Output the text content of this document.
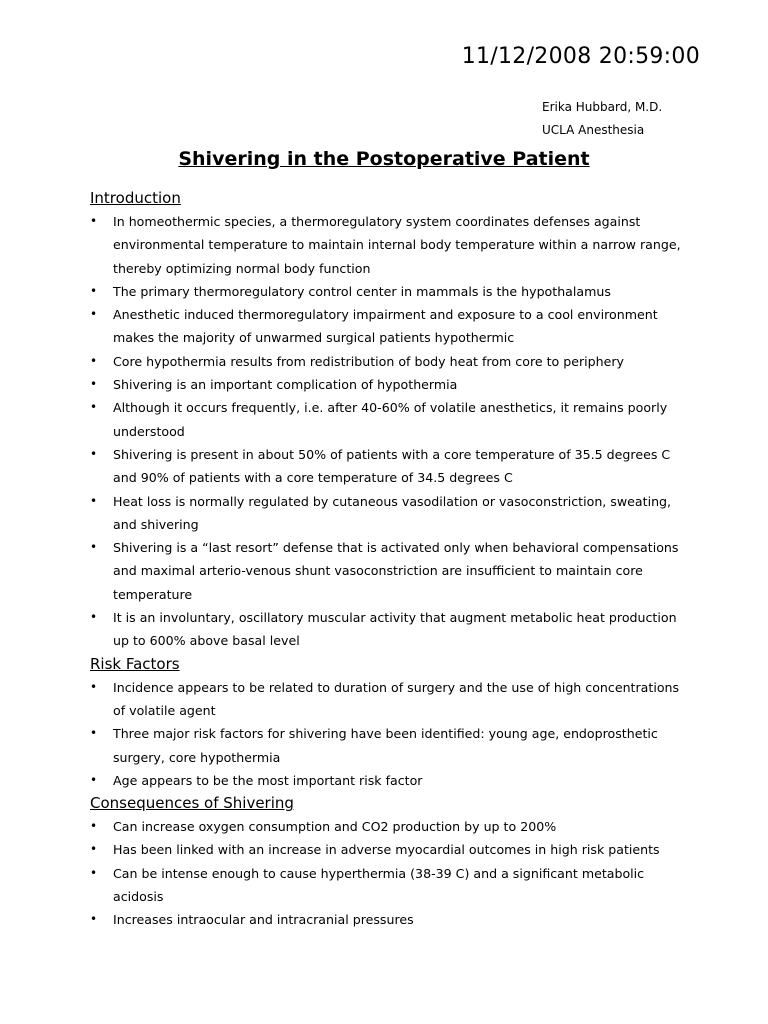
11/12/2008 20:59:00
Erika Hubbard, M.D.
UCLA Anesthesia
Shivering in the Postoperative Patient
Introduction
• In homeothermic species, a thermoregulatory system coordinates defenses against environmental temperature to maintain internal body temperature within a narrow range, thereby optimizing normal body function
• The primary thermoregulatory control center in mammals is the hypothalamus
• Anesthetic induced thermoregulatory impairment and exposure to a cool environment makes the majority of unwarmed surgical patients hypothermic
• Core hypothermia results from redistribution of body heat from core to periphery
• Shivering is an important complication of hypothermia
• Although it occurs frequently, i.e. after 40-60% of volatile anesthetics, it remains poorly understood
• Shivering is present in about 50% of patients with a core temperature of 35.5 degrees C and 90% of patients with a core temperature of 34.5 degrees C
• Heat loss is normally regulated by cutaneous vasodilation or vasoconstriction, sweating, and shivering
• Shivering is a “last resort” defense that is activated only when behavioral compensations and maximal arterio-venous shunt vasoconstriction are insufficient to maintain core temperature
• It is an involuntary, oscillatory muscular activity that augment metabolic heat production up to 600% above basal level
Risk Factors
• Incidence appears to be related to duration of surgery and the use of high concentrations of volatile agent
• Three major risk factors for shivering have been identified: young age, endoprosthetic surgery, core hypothermia
• Age appears to be the most important risk factor
Consequences of Shivering
• Can increase oxygen consumption and CO2 production by up to 200%
• Has been linked with an increase in adverse myocardial outcomes in high risk patients
• Can be intense enough to cause hyperthermia (38-39 C) and a significant metabolic acidosis
• Increases intraocular and intracranial pressures
